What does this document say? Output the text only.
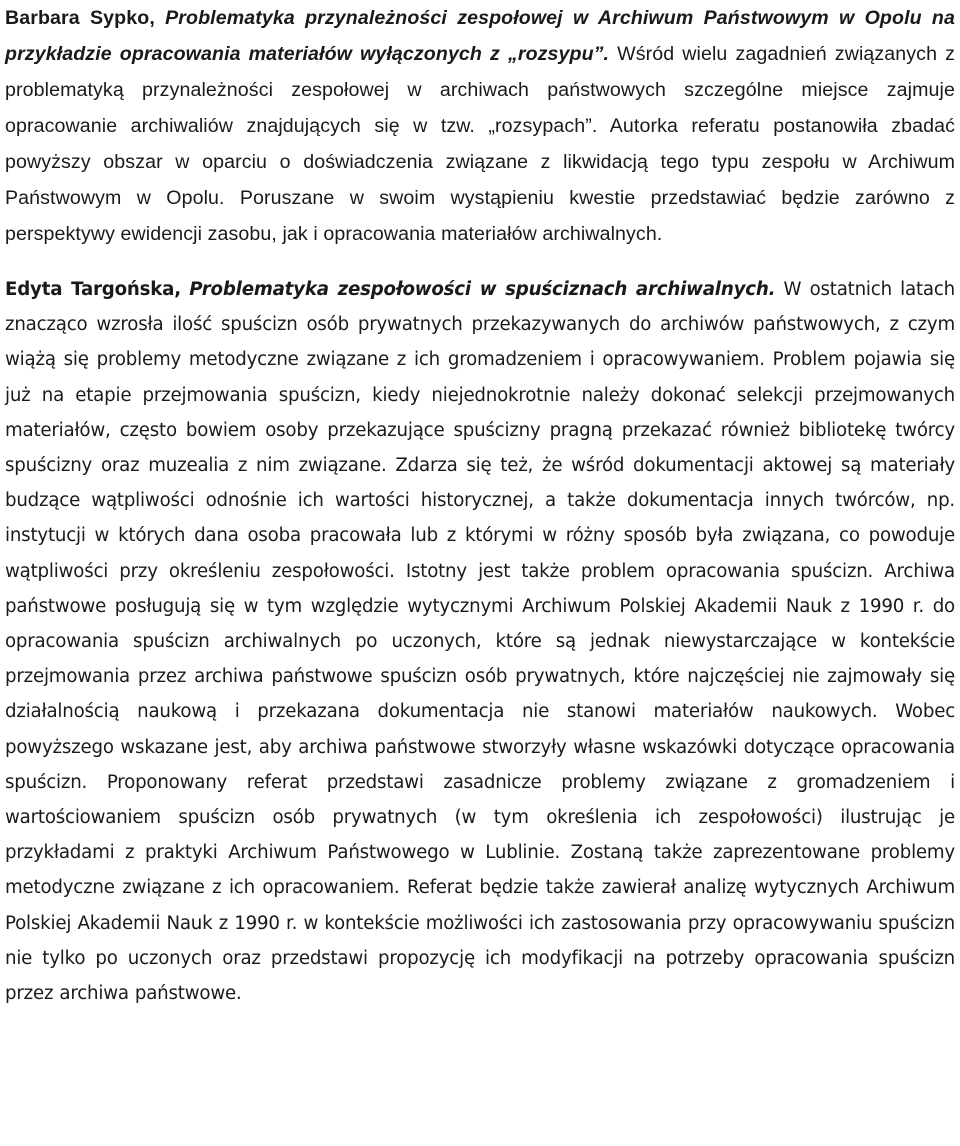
Barbara Sypko, Problematyka przynależności zespołowej w Archiwum Państwowym w Opolu na przykładzie opracowania materiałów wyłączonych z „rozsypu”. Wśród wielu zagadnień związanych z problematyką przynależności zespołowej w archiwach państwowych szczególne miejsce zajmuje opracowanie archiwaliów znajdujących się w tzw. „rozsypach”. Autorka referatu postanowiła zbadać powyższy obszar w oparciu o doświadczenia związane z likwidacją tego typu zespołu w Archiwum Państwowym w Opolu. Poruszane w swoim wystąpieniu kwestie przedstawiać będzie zarówno z perspektywy ewidencji zasobu, jak i opracowania materiałów archiwalnych.

Edyta Targońska, Problematyka zespołowości w spuściznach archiwalnych. W ostatnich latach znacząco wzrosła ilość spuścizn osób prywatnych przekazywanych do archiwów państwowych, z czym wiążą się problemy metodyczne związane z ich gromadzeniem i opracowywaniem. Problem pojawia się już na etapie przejmowania spuścizn, kiedy niejednokrotnie należy dokonać selekcji przejmowanych materiałów, często bowiem osoby przekazujące spuścizny pragną przekazać również bibliotekę twórcy spuścizny oraz muzealia z nim związane. Zdarza się też, że wśród dokumentacji aktowej są materiały budzące wątpliwości odnośnie ich wartości historycznej, a także dokumentacja innych twórców, np. instytucji w których dana osoba pracowała lub z którymi w różny sposób była związana, co powoduje wątpliwości przy określeniu zespołowości. Istotny jest także problem opracowania spuścizn. Archiwa państwowe posługują się w tym względzie wytycznymi Archiwum Polskiej Akademii Nauk z 1990 r. do opracowania spuścizn archiwalnych po uczonych, które są jednak niewystarczające w kontekście przejmowania przez archiwa państwowe spuścizn osób prywatnych, które najczęściej nie zajmowały się działalnością naukową i przekazana dokumentacja nie stanowi materiałów naukowych. Wobec powyższego wskazane jest, aby archiwa państwowe stworzyły własne wskazówki dotyczące opracowania spuścizn. Proponowany referat przedstawi zasadnicze problemy związane z gromadzeniem i wartościowaniem spuścizn osób prywatnych (w tym określenia ich zespołowości) ilustrując je przykładami z praktyki Archiwum Państwowego w Lublinie. Zostaną także zaprezentowane problemy metodyczne związane z ich opracowaniem. Referat będzie także zawierał analizę wytycznych Archiwum Polskiej Akademii Nauk z 1990 r. w kontekście możliwości ich zastosowania przy opracowywaniu spuścizn nie tylko po uczonych oraz przedstawi propozycję ich modyfikacji na potrzeby opracowania spuścizn przez archiwa państwowe.
